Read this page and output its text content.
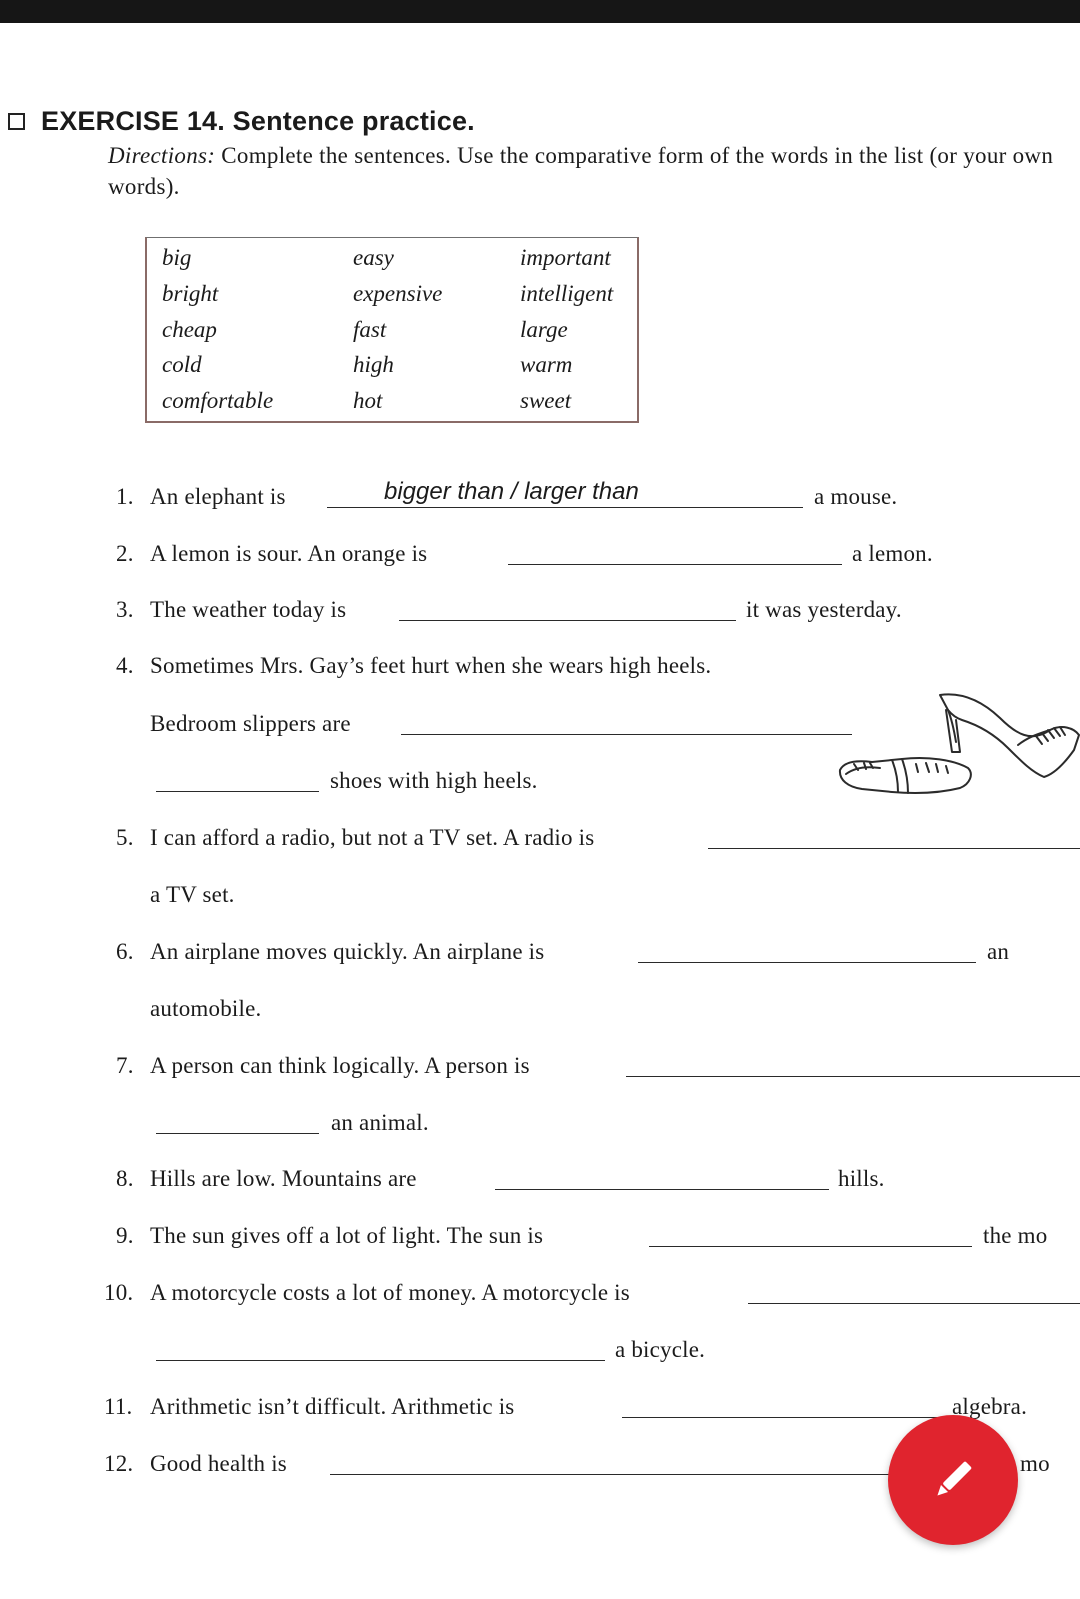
EXERCISE 14. Sentence practice.
Directions: Complete the sentences. Use the comparative form of the words in the list (or your own words).
big	easy	important
bright	expensive	intelligent
cheap	fast	large
cold	high	warm
comfortable	hot	sweet
1. An elephant is	bigger than / larger than	a mouse.
2. A lemon is sour. An orange is	a lemon.
3. The weather today is	it was yesterday.
4. Sometimes Mrs. Gay’s feet hurt when she wears high heels.
Bedroom slippers are
shoes with high heels.
5. I can afford a radio, but not a TV set. A radio is
a TV set.
6. An airplane moves quickly. An airplane is	an
automobile.
7. A person can think logically. A person is
an animal.
8. Hills are low. Mountains are	hills.
9. The sun gives off a lot of light. The sun is	the mo
10. A motorcycle costs a lot of money. A motorcycle is
a bicycle.
11. Arithmetic isn’t difficult. Arithmetic is	algebra.
12. Good health is	mo
